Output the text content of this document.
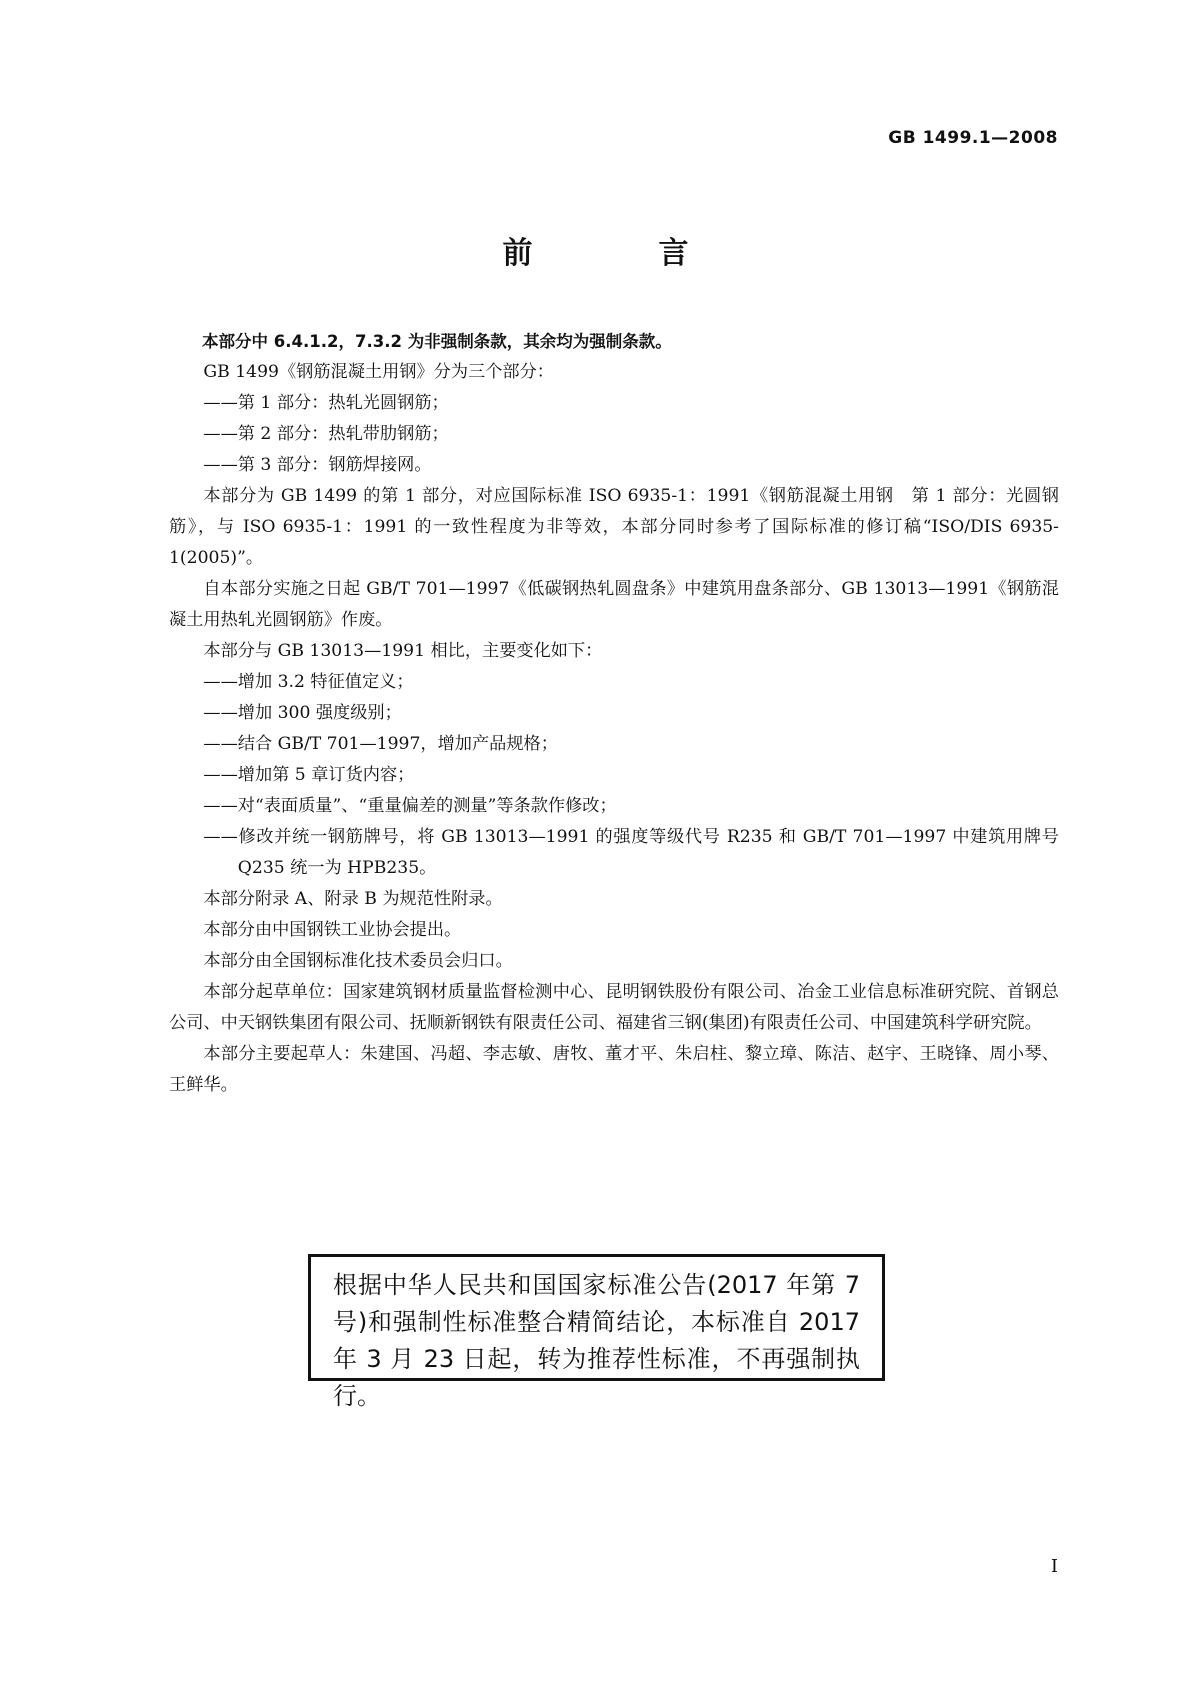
GB 1499.1—2008
前　言

本部分中 6.4.1.2，7.3.2 为非强制条款，其余均为强制条款。

GB 1499《钢筋混凝土用钢》分为三个部分：

——第 1 部分：热轧光圆钢筋；

——第 2 部分：热轧带肋钢筋；

——第 3 部分：钢筋焊接网。

本部分为 GB 1499 的第 1 部分，对应国际标准 ISO 6935-1：1991《钢筋混凝土用钢　第 1 部分：光圆钢筋》，与 ISO 6935-1：1991 的一致性程度为非等效，本部分同时参考了国际标准的修订稿“ISO/DIS 6935-1(2005)”。

自本部分实施之日起 GB/T 701—1997《低碳钢热轧圆盘条》中建筑用盘条部分、GB 13013—1991《钢筋混凝土用热轧光圆钢筋》作废。

本部分与 GB 13013—1991 相比，主要变化如下：

——增加 3.2 特征值定义；

——增加 300 强度级别；

——结合 GB/T 701—1997，增加产品规格；

——增加第 5 章订货内容；

——对“表面质量”、“重量偏差的测量”等条款作修改；

——修改并统一钢筋牌号，将 GB 13013—1991 的强度等级代号 R235 和 GB/T 701—1997 中建筑用牌号 Q235 统一为 HPB235。

本部分附录 A、附录 B 为规范性附录。

本部分由中国钢铁工业协会提出。

本部分由全国钢标准化技术委员会归口。

本部分起草单位：国家建筑钢材质量监督检测中心、昆明钢铁股份有限公司、冶金工业信息标准研究院、首钢总公司、中天钢铁集团有限公司、抚顺新钢铁有限责任公司、福建省三钢(集团)有限责任公司、中国建筑科学研究院。

本部分主要起草人：朱建国、冯超、李志敏、唐牧、董才平、朱启柱、黎立璋、陈洁、赵宇、王晓锋、周小琴、王鲜华。

根据中华人民共和国国家标准公告(2017 年第 7 号)和强制性标准整合精简结论，本标准自 2017 年 3 月 23 日起，转为推荐性标准，不再强制执行。

I
